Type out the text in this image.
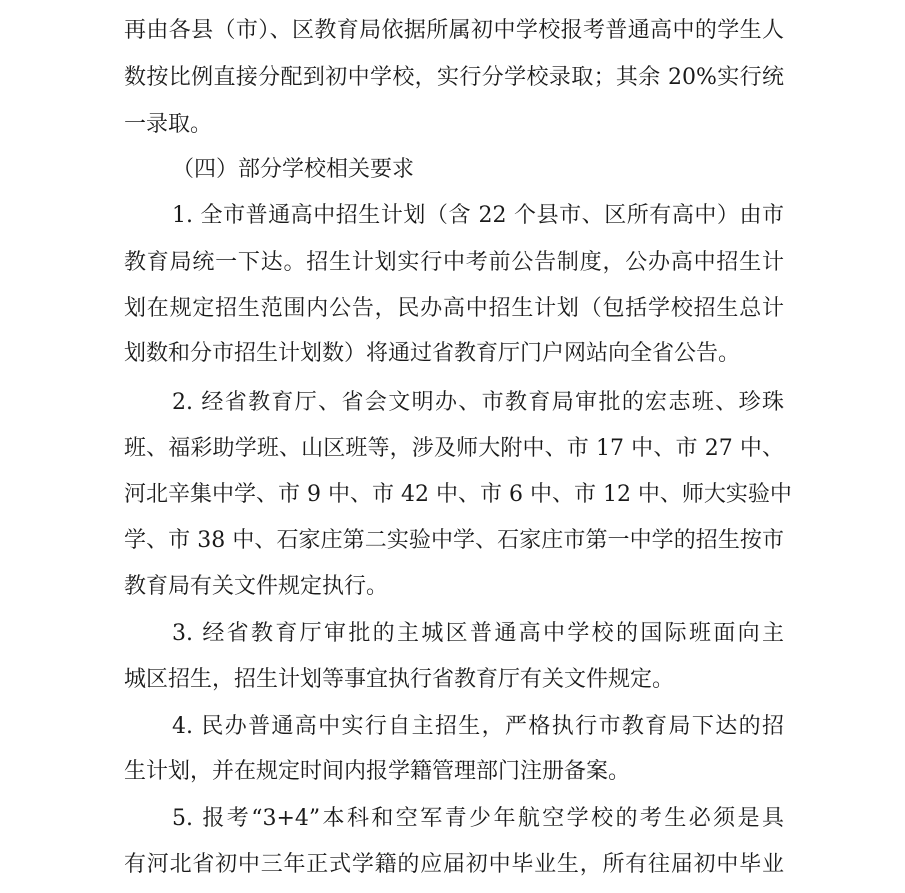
再由各县（市）、区教育局依据所属初中学校报考普通高中的学生人
数按比例直接分配到初中学校，实行分学校录取；其余 20%实行统
一录取。
（四）部分学校相关要求
1. 全市普通高中招生计划（含 22 个县市、区所有高中）由市
教育局统一下达。招生计划实行中考前公告制度，公办高中招生计
划在规定招生范围内公告，民办高中招生计划（包括学校招生总计
划数和分市招生计划数）将通过省教育厅门户网站向全省公告。
2. 经省教育厅、省会文明办、市教育局审批的宏志班、珍珠
班、福彩助学班、山区班等，涉及师大附中、市 17 中、市 27 中、
河北辛集中学、市 9 中、市 42 中、市 6 中、市 12 中、师大实验中
学、市 38 中、石家庄第二实验中学、石家庄市第一中学的招生按市
教育局有关文件规定执行。
3. 经省教育厅审批的主城区普通高中学校的国际班面向主
城区招生，招生计划等事宜执行省教育厅有关文件规定。
4. 民办普通高中实行自主招生，严格执行市教育局下达的招
生计划，并在规定时间内报学籍管理部门注册备案。
5. 报考“3+4”本科和空军青少年航空学校的考生必须是具
有河北省初中三年正式学籍的应届初中毕业生，所有往届初中毕业
